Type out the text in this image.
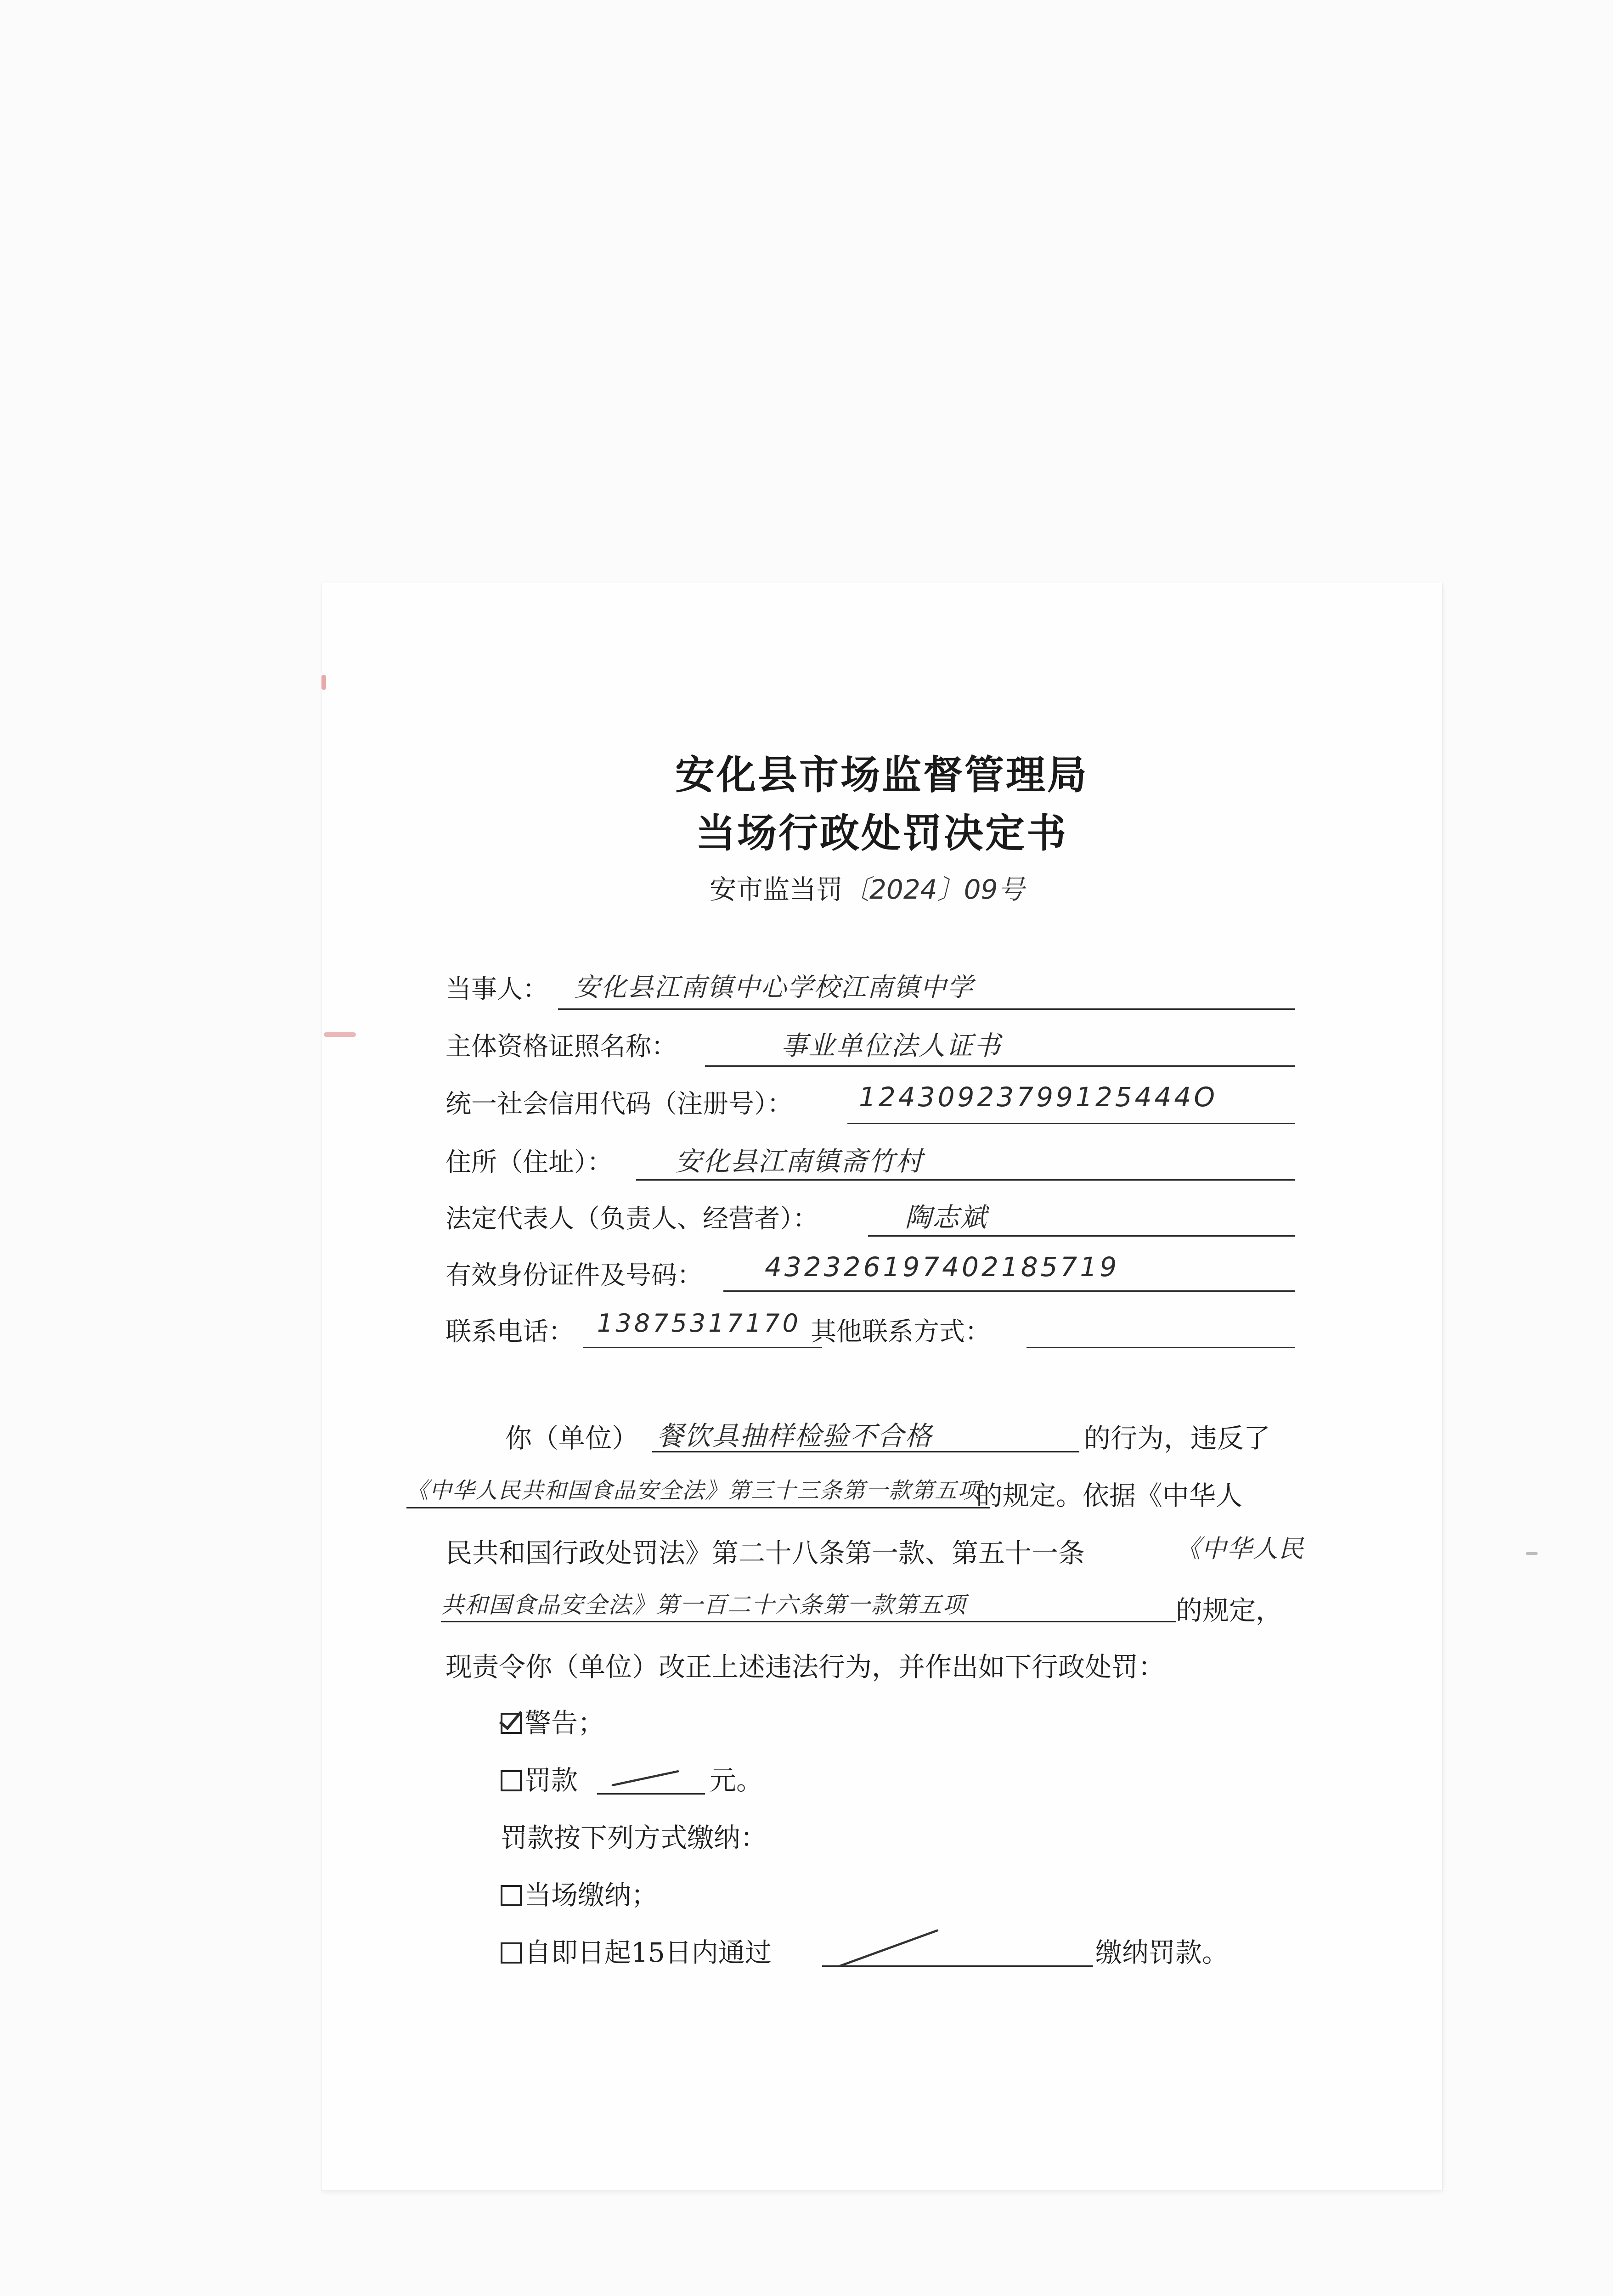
安化县市场监督管理局
当场行政处罚决定书
安市监当罚〔2024〕09号
当事人： 安化县江南镇中心学校江南镇中学
主体资格证照名称：	事业单位法人证书
统一社会信用代码（注册号）： 12430923799125444O
住所（住址）： 安化县江南镇斋竹村
法定代表人（负责人、经营者）：	陶志斌
有效身份证件及号码： 432326197402185719
联系电话： 13875317170 其他联系方式：
你（单位） 餐饮具抽样检验不合格	的行为，违反了
《中华人民共和国食品安全法》第三十三条第一款第五项
的规定。依据《中华人
民共和国行政处罚法》第二十八条第一款、第五十一条	《中华人民
共和国食品安全法》第一百二十六条第一款第五项	的规定，
现责令你（单位）改正上述违法行为，并作出如下行政处罚：
警告；
罚款	元。
罚款按下列方式缴纳：
当场缴纳；
自即日起15日内通过	缴纳罚款。
